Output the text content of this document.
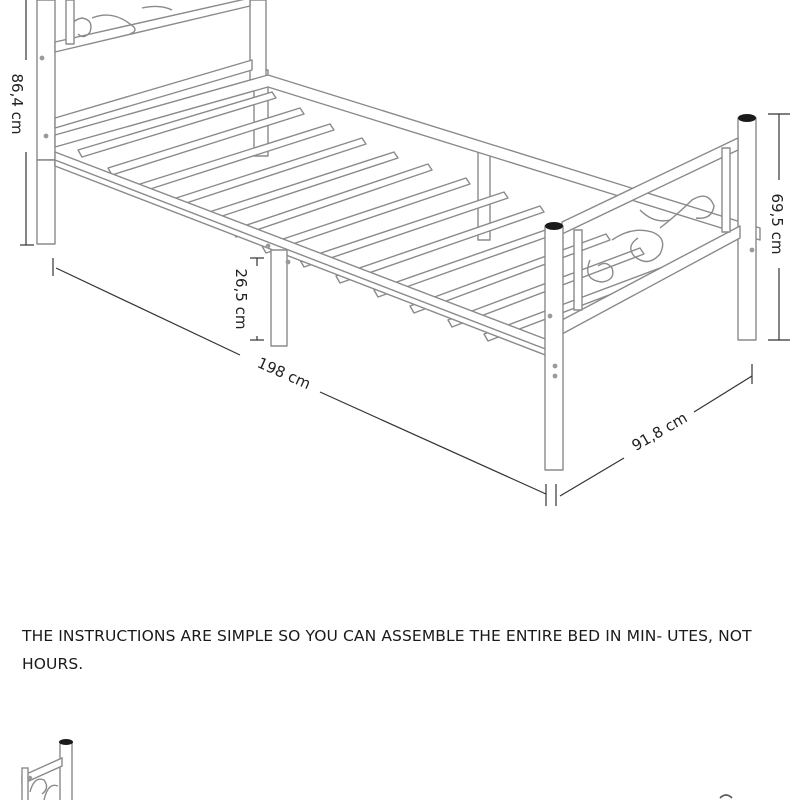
86,4 cm
26,5 cm
198 cm
91,8 cm
69,5 cm

THE INSTRUCTIONS ARE SIMPLE SO YOU CAN ASSEMBLE THE ENTIRE BED IN MIN- UTES, NOT HOURS.
